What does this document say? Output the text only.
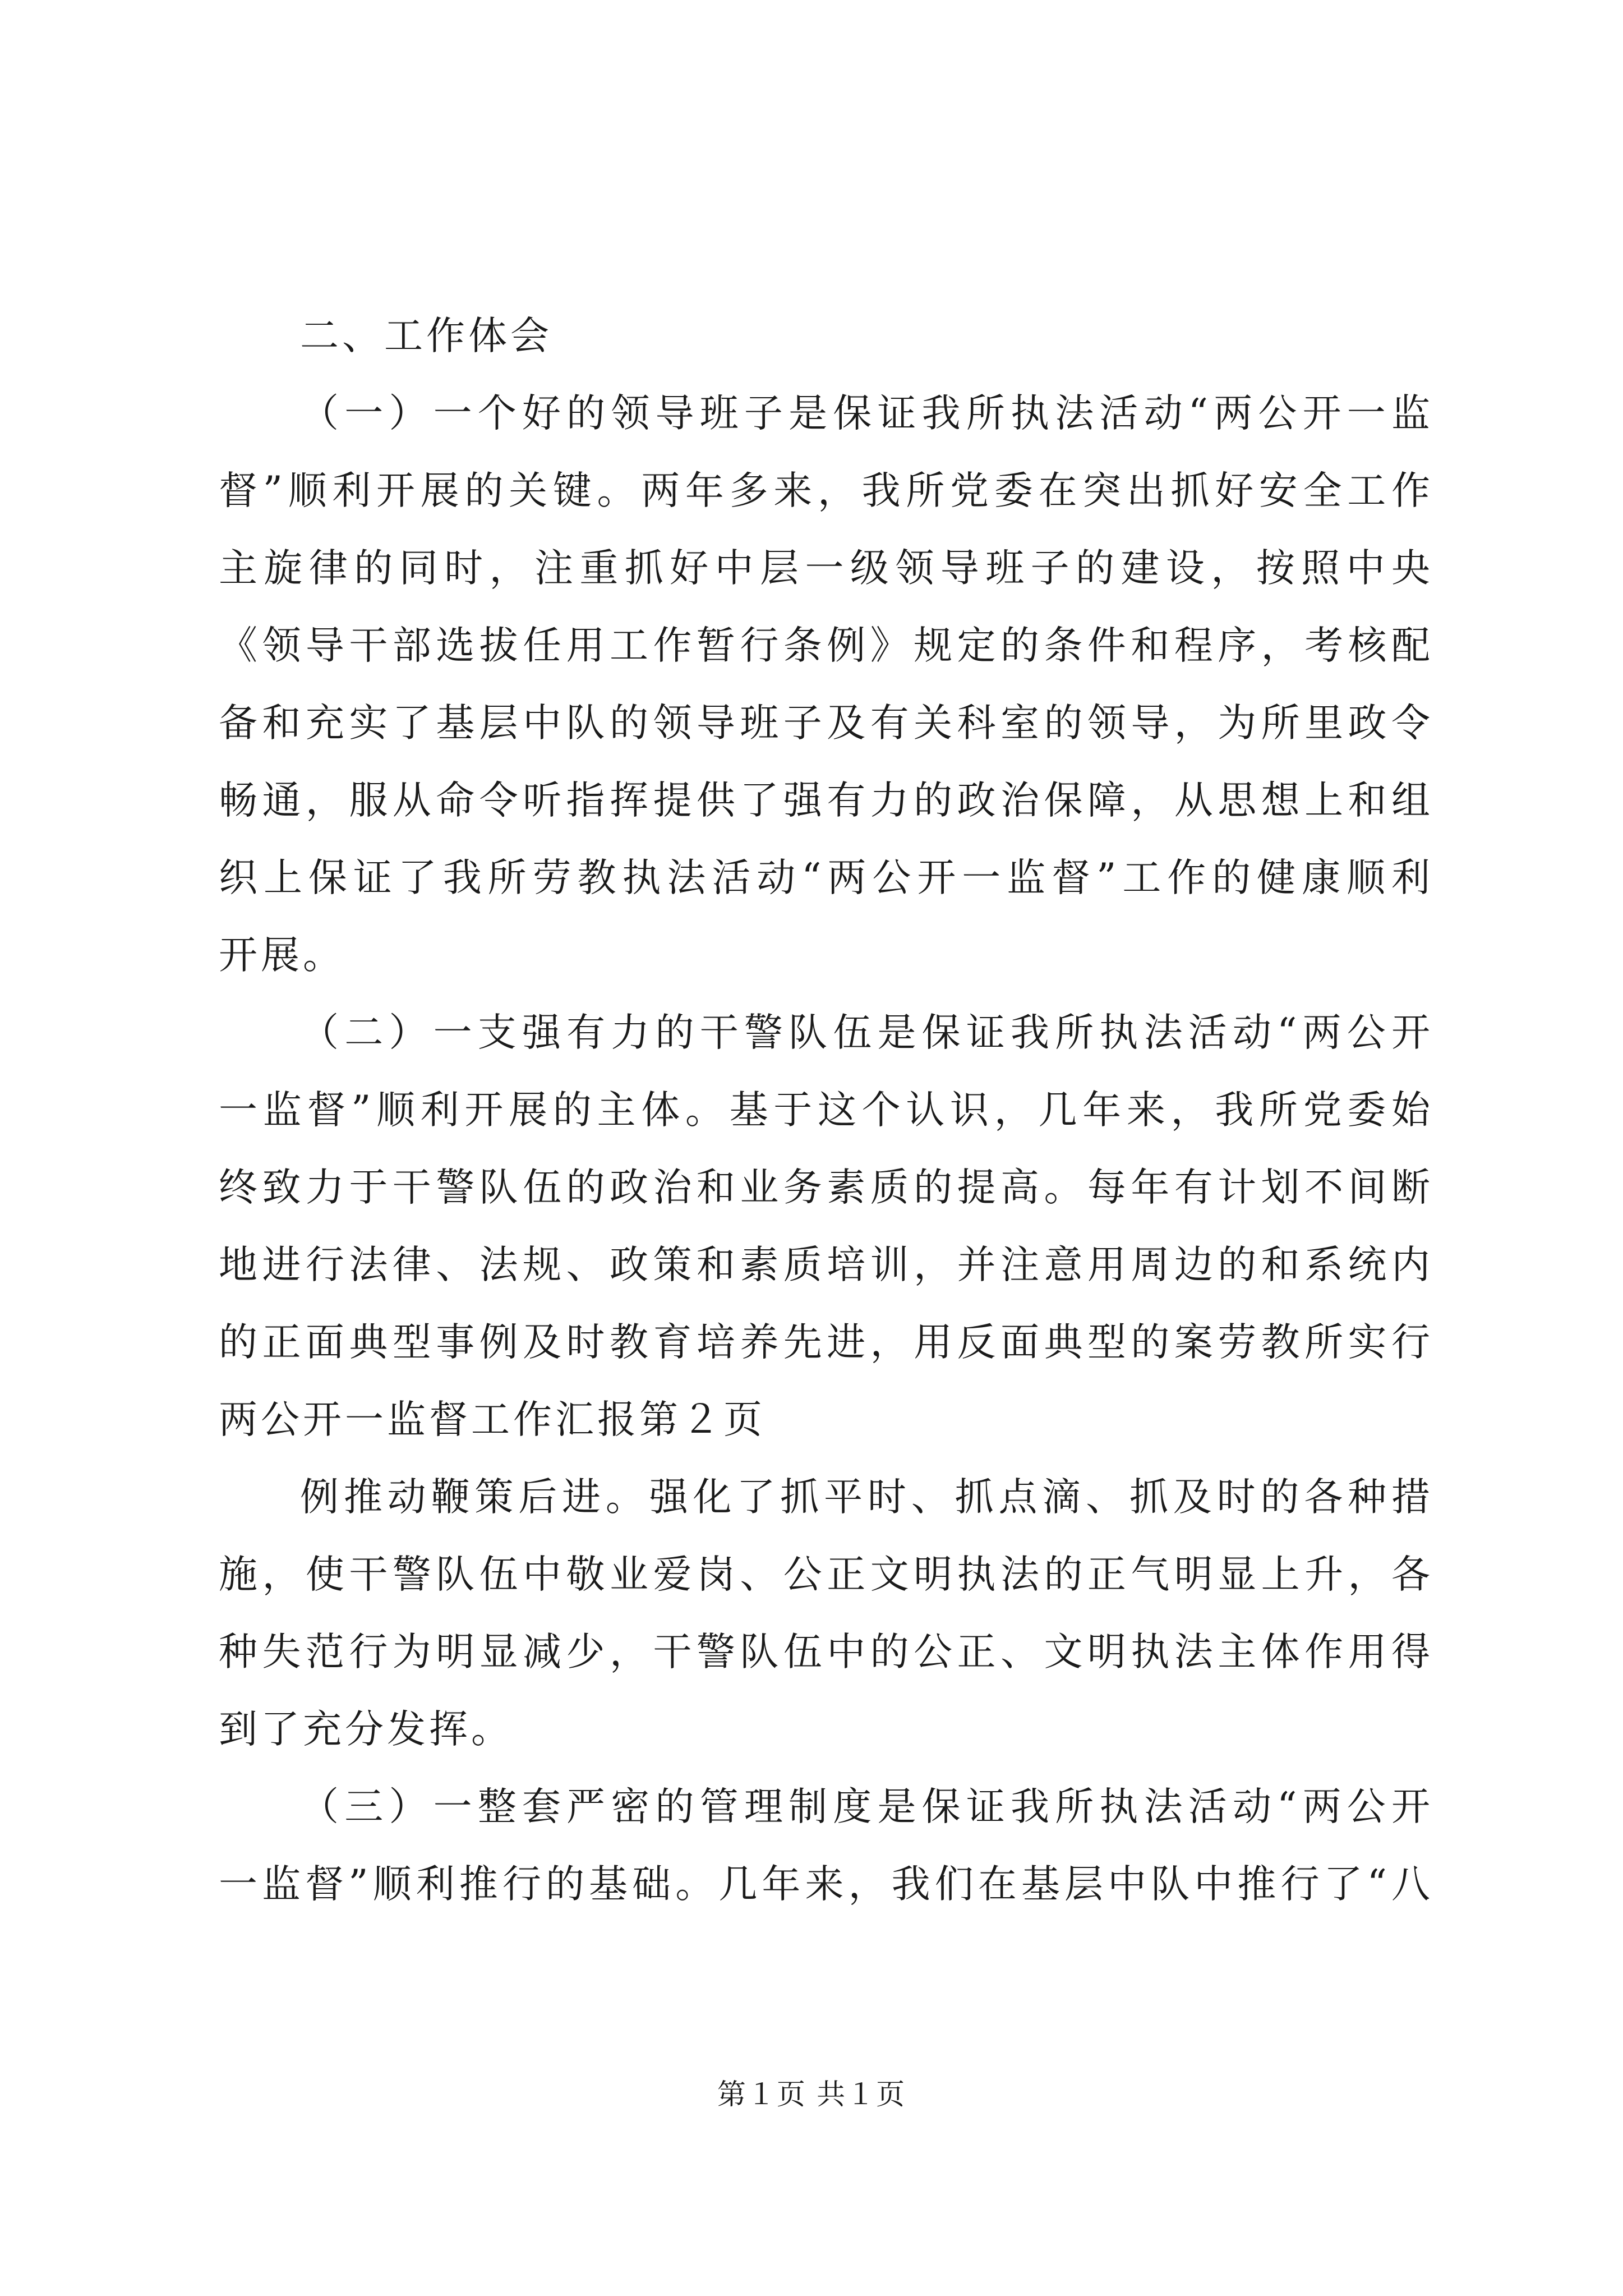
二、工作体会

（一）一个好的领导班子是保证我所执法活动“两公开一监
督”顺利开展的关键。两年多来，我所党委在突出抓好安全工作
主旋律的同时，注重抓好中层一级领导班子的建设，按照中央
《领导干部选拔任用工作暂行条例》规定的条件和程序，考核配
备和充实了基层中队的领导班子及有关科室的领导，为所里政令
畅通，服从命令听指挥提供了强有力的政治保障，从思想上和组
织上保证了我所劳教执法活动“两公开一监督”工作的健康顺利
开展。

（二）一支强有力的干警队伍是保证我所执法活动“两公开
一监督”顺利开展的主体。基于这个认识，几年来，我所党委始
终致力于干警队伍的政治和业务素质的提高。每年有计划不间断
地进行法律、法规、政策和素质培训，并注意用周边的和系统内
的正面典型事例及时教育培养先进，用反面典型的案劳教所实行
两公开一监督工作汇报第２页

例推动鞭策后进。强化了抓平时、抓点滴、抓及时的各种措
施，使干警队伍中敬业爱岗、公正文明执法的正气明显上升，各
种失范行为明显减少，干警队伍中的公正、文明执法主体作用得
到了充分发挥。

（三）一整套严密的管理制度是保证我所执法活动“两公开
一监督”顺利推行的基础。几年来，我们在基层中队中推行了“八

第１页 共１页
